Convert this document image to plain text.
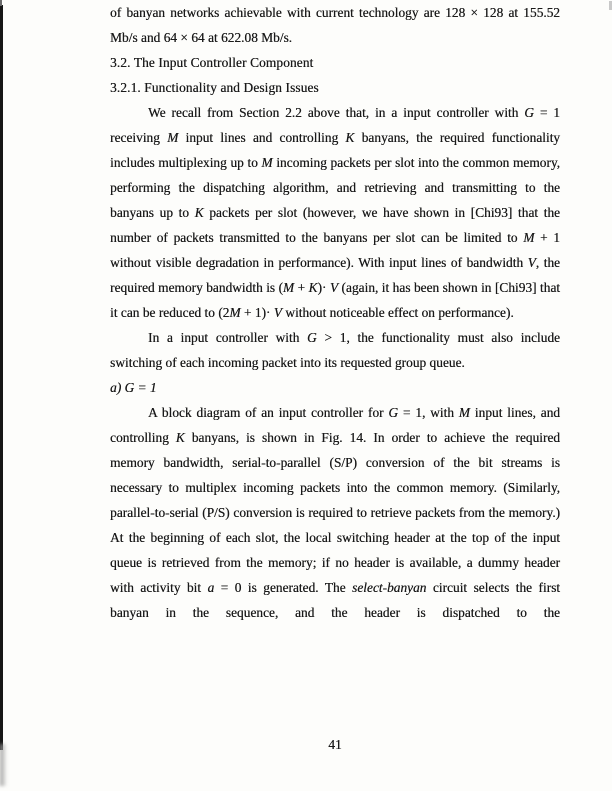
of banyan networks achievable with current technology are 128 × 128 at 155.52 Mb/s and 64 × 64 at 622.08 Mb/s.

3.2. The Input Controller Component
3.2.1. Functionality and Design Issues

We recall from Section 2.2 above that, in a input controller with G = 1 receiving M input lines and controlling K banyans, the required functionality includes multiplexing up to M incoming packets per slot into the common memory, performing the dispatching algorithm, and retrieving and transmitting to the banyans up to K packets per slot (however, we have shown in [Chi93] that the number of packets transmitted to the banyans per slot can be limited to M + 1 without visible degradation in performance). With input lines of bandwidth V, the required memory bandwidth is (M + K)· V (again, it has been shown in [Chi93] that it can be reduced to (2M + 1)· V without noticeable effect on performance).

In a input controller with G > 1, the functionality must also include switching of each incoming packet into its requested group queue.

a) G = 1

A block diagram of an input controller for G = 1, with M input lines, and controlling K banyans, is shown in Fig. 14. In order to achieve the required memory bandwidth, serial-to-parallel (S/P) conversion of the bit streams is necessary to multiplex incoming packets into the common memory. (Similarly, parallel-to-serial (P/S) conversion is required to retrieve packets from the memory.) At the beginning of each slot, the local switching header at the top of the input queue is retrieved from the memory; if no header is available, a dummy header with activity bit a = 0 is generated. The select-banyan circuit selects the first banyan in the sequence, and the header is dispatched to the

41
